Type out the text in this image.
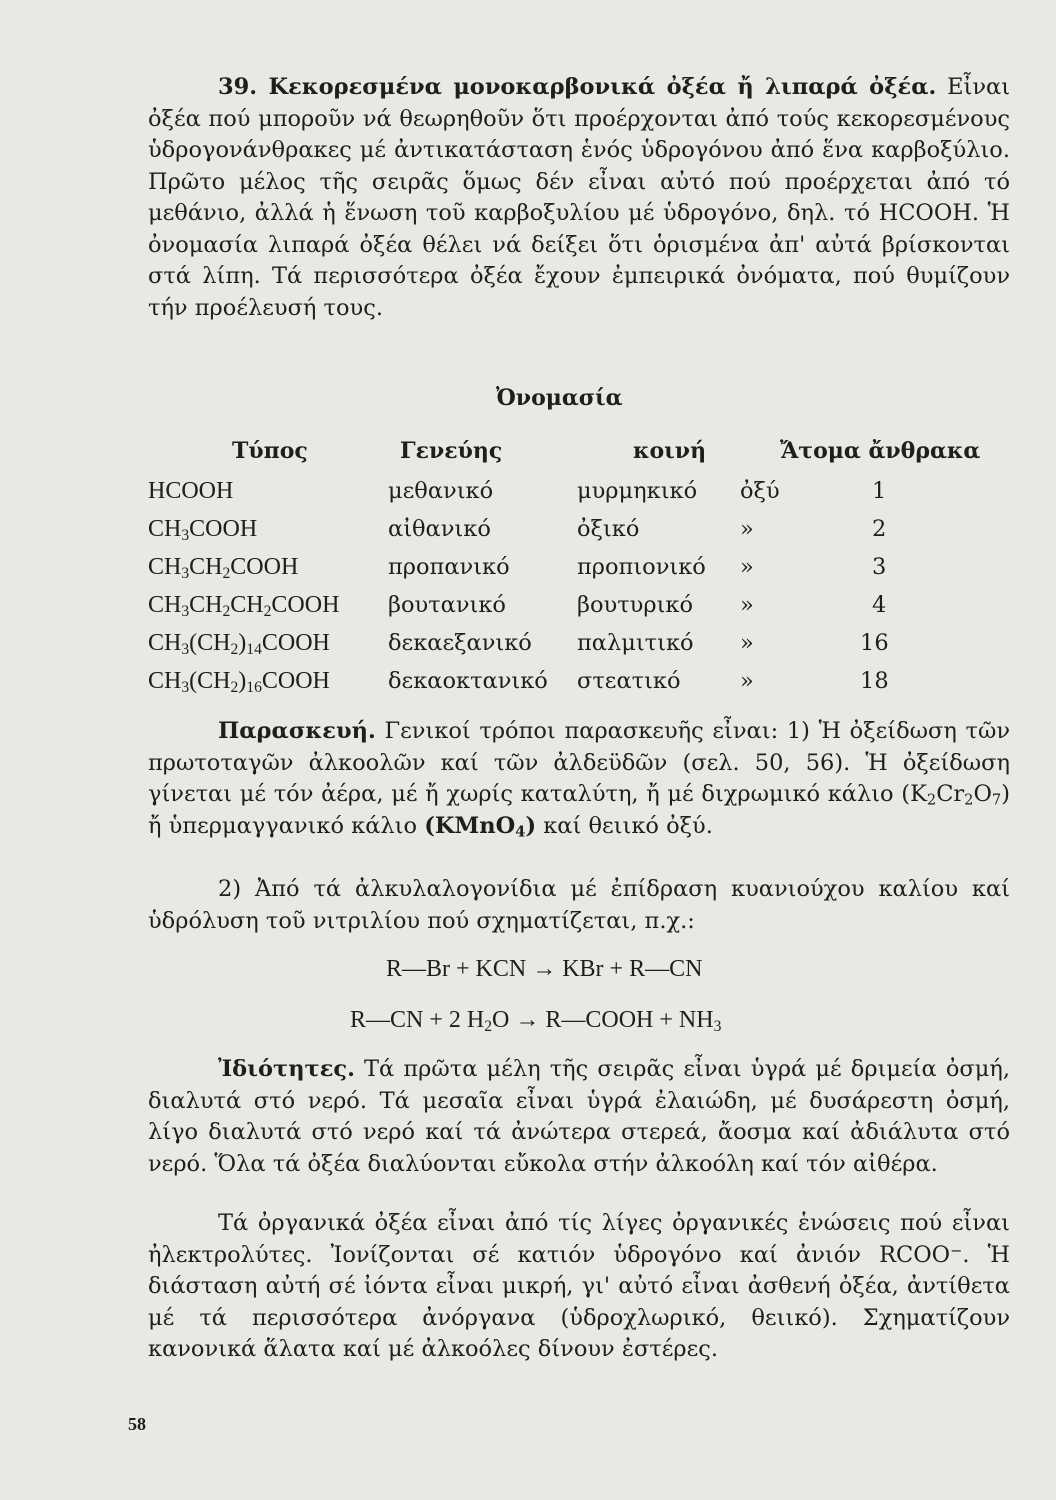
39. Κεκορεσμένα μονοκαρβονικά ὀξέα ἤ λιπαρά ὀξέα. Εἶναι ὀξέα πού μποροῦν νά θεωρηθοῦν ὅτι προέρχονται ἀπό τούς κεκορεσμένους ὑδρογονάνθρακες μέ ἀντικατάσταση ἑνός ὑδρογόνου ἀπό ἕνα καρβοξύλιο. Πρῶτο μέλος τῆς σειρᾶς ὅμως δέν εἶναι αὐτό πού προέρχεται ἀπό τό μεθάνιο, ἀλλά ἡ ἕνωση τοῦ καρβοξυλίου μέ ὑδρογόνο, δηλ. τό HCOOH. Ἡ ὀνομασία λιπαρά ὀξέα θέλει νά δείξει ὅτι ὁρισμένα ἀπ' αὐτά βρίσκονται στά λίπη. Τά περισσότερα ὀξέα ἔχουν ἐμπειρικά ὀνόματα, πού θυμίζουν τήν προέλευσή τους.
Ὀνομασία
Τύπος	Γενεύης	κοινή	Ἄτομα ἄνθρακα
HCOOH	μεθανικό	μυρμηκικό ὀξύ	1
$CH_3COOH$	αἰθανικό	ὀξικό	»	2
$CH_3CH_2COOH$	προπανικό	προπιονικό »	3
$CH_3CH_2CH_2COOH$ βουτανικό	βουτυρικό »	4
$CH_3(CH_2)_{14}COOH$	δεκαεξανικό παλμιτικό »	16
$CH_3(CH_2)_{16}COOH$	δεκαοκτανικό στεατικό	»	18
Παρασκευή. Γενικοί τρόποι παρασκευῆς εἶναι: 1) Ἡ ὀξείδωση τῶν πρωτοταγῶν ἀλκοολῶν καί τῶν ἀλδεϋδῶν (σελ. 50, 56). Ἡ ὀξείδωση γίνεται μέ τόν ἀέρα, μέ ἤ χωρίς καταλύτη, ἤ μέ διχρωμικό κάλιο $(K_2Cr_2O_7)$ ἤ ὑπερμαγγανικό κάλιο (KMnO$_4$) καί θειικό ὀξύ.
2) Ἀπό τά ἀλκυλαλογονίδια μέ ἐπίδραση κυανιούχου καλίου καί ὑδρόλυση τοῦ νιτριλίου πού σχηματίζεται, π.χ.:
R—Br + KCN → KBr + R—CN
R—CN + 2 $H_2O$ → R—COOH + $NH_3$
Ἰδιότητες. Τά πρῶτα μέλη τῆς σειρᾶς εἶναι ὑγρά μέ δριμεία ὀσμή, διαλυτά στό νερό. Τά μεσαῖα εἶναι ὑγρά ἐλαιώδη, μέ δυσάρεστη ὀσμή, λίγο διαλυτά στό νερό καί τά ἀνώτερα στερεά, ἄοσμα καί ἀδιάλυτα στό νερό. Ὅλα τά ὀξέα διαλύονται εὔκολα στήν ἀλκοόλη καί τόν αἰθέρα.
Τά ὀργανικά ὀξέα εἶναι ἀπό τίς λίγες ὀργανικές ἑνώσεις πού εἶναι ἠλεκτρολύτες. Ἰονίζονται σέ κατιόν ὑδρογόνο καί ἀνιόν RCOO−. Ἡ διάσταση αὐτή σέ ἰόντα εἶναι μικρή, γι' αὐτό εἶναι ἀσθενή ὀξέα, ἀντίθετα μέ τά περισσότερα ἀνόργανα (ὑδροχλωρικό, θειικό). Σχηματίζουν κανονικά ἅλατα καί μέ ἀλκοόλες δίνουν ἐστέρες.
58
